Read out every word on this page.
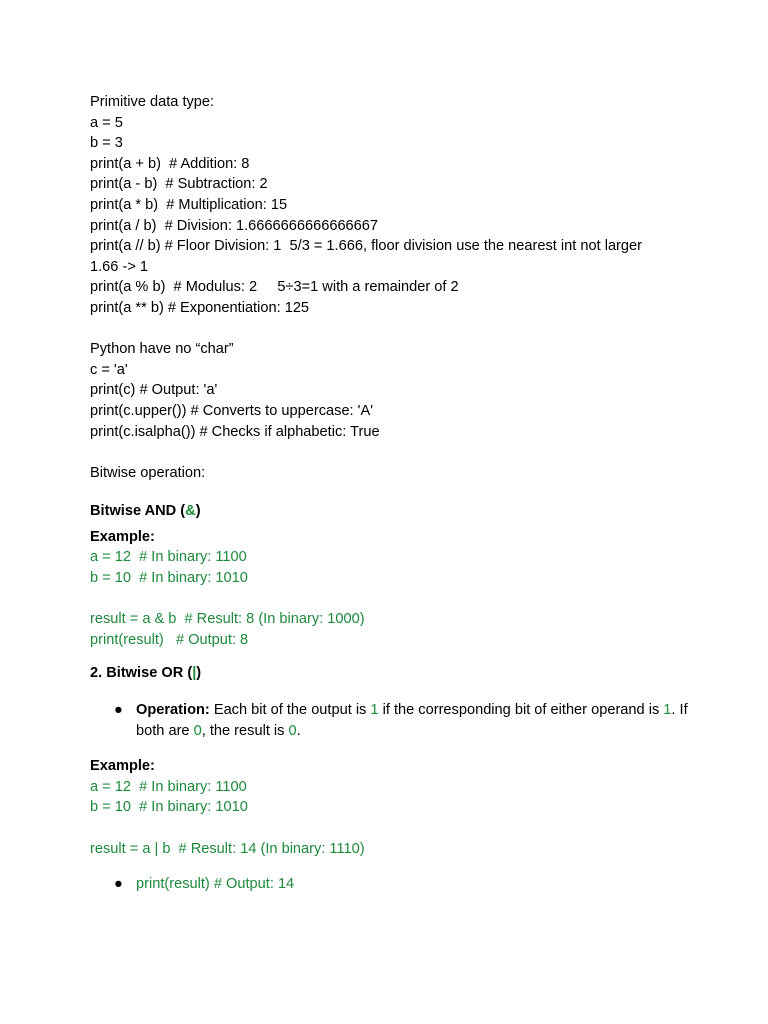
Primitive data type:
a = 5
b = 3
print(a + b)  # Addition: 8
print(a - b)  # Subtraction: 2
print(a * b)  # Multiplication: 15
print(a / b)  # Division: 1.6666666666666667
print(a // b) # Floor Division: 1  5/3 = 1.666, floor division use the nearest int not larger
1.66 -> 1
print(a % b)  # Modulus: 2     5÷3=1 with a remainder of 2
print(a ** b) # Exponentiation: 125
Python have no “char”
c = 'a'
print(c) # Output: 'a'
print(c.upper()) # Converts to uppercase: 'A'
print(c.isalpha()) # Checks if alphabetic: True
Bitwise operation:
Bitwise AND (&)
Example:
a = 12  # In binary: 1100
b = 10  # In binary: 1010
result = a & b  # Result: 8 (In binary: 1000)
print(result)   # Output: 8
2. Bitwise OR (|)
● Operation: Each bit of the output is 1 if the corresponding bit of either operand is 1. If both are 0, the result is 0.
Example:
a = 12  # In binary: 1100
b = 10  # In binary: 1010
result = a | b  # Result: 14 (In binary: 1110)
● print(result) # Output: 14
